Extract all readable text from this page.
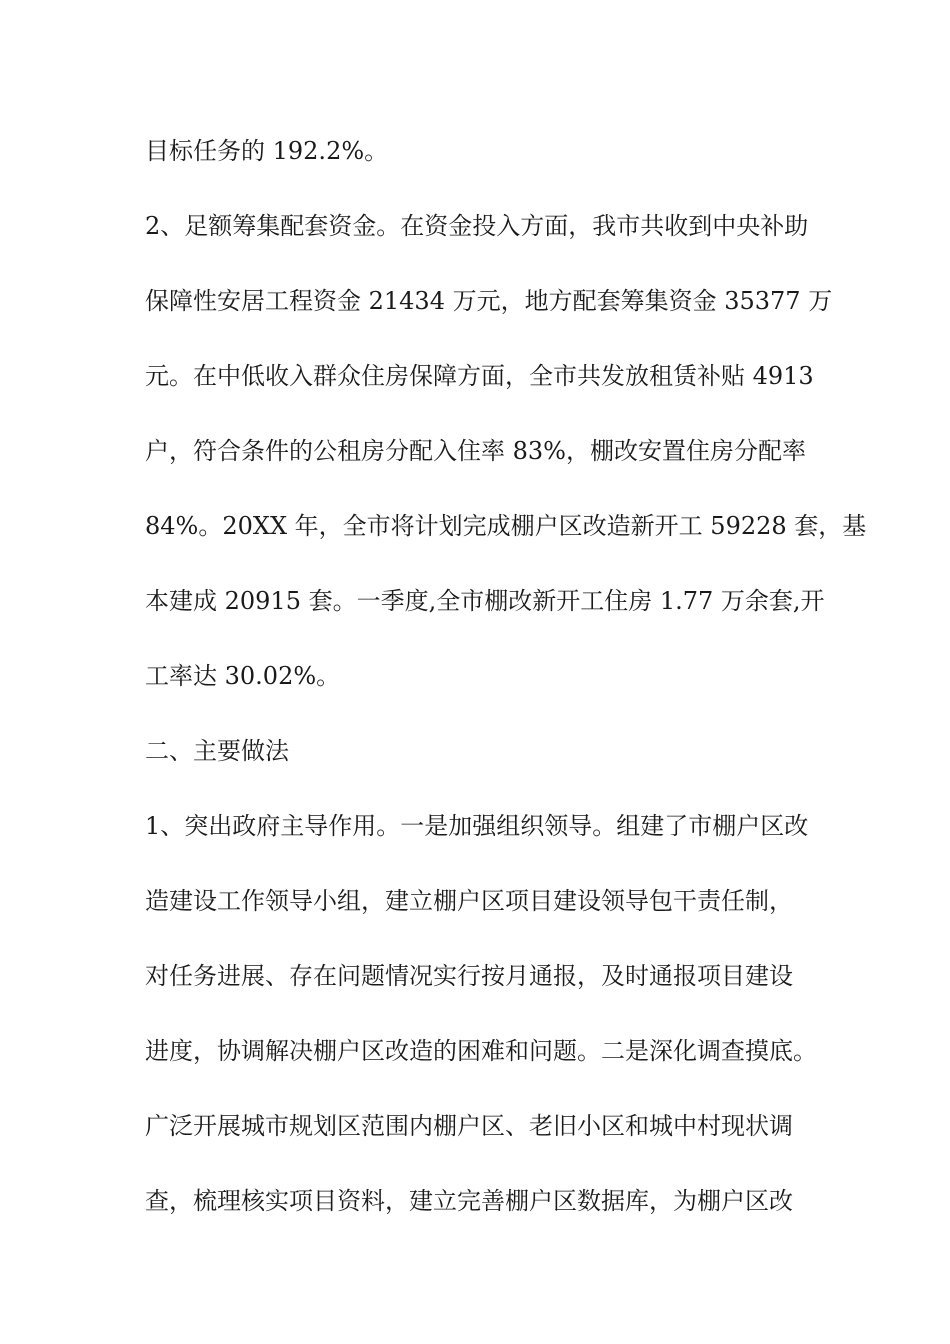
目标任务的 192.2%。

2、足额筹集配套资金。在资金投入方面，我市共收到中央补助

保障性安居工程资金 21434 万元，地方配套筹集资金 35377 万

元。在中低收入群众住房保障方面，全市共发放租赁补贴 4913

户，符合条件的公租房分配入住率 83%，棚改安置住房分配率

84%。20XX 年，全市将计划完成棚户区改造新开工 59228 套，基

本建成 20915 套。一季度,全市棚改新开工住房 1.77 万余套,开

工率达 30.02%。

二、主要做法

1、突出政府主导作用。一是加强组织领导。组建了市棚户区改

造建设工作领导小组，建立棚户区项目建设领导包干责任制，

对任务进展、存在问题情况实行按月通报，及时通报项目建设

进度，协调解决棚户区改造的困难和问题。二是深化调查摸底。

广泛开展城市规划区范围内棚户区、老旧小区和城中村现状调

查，梳理核实项目资料，建立完善棚户区数据库，为棚户区改
